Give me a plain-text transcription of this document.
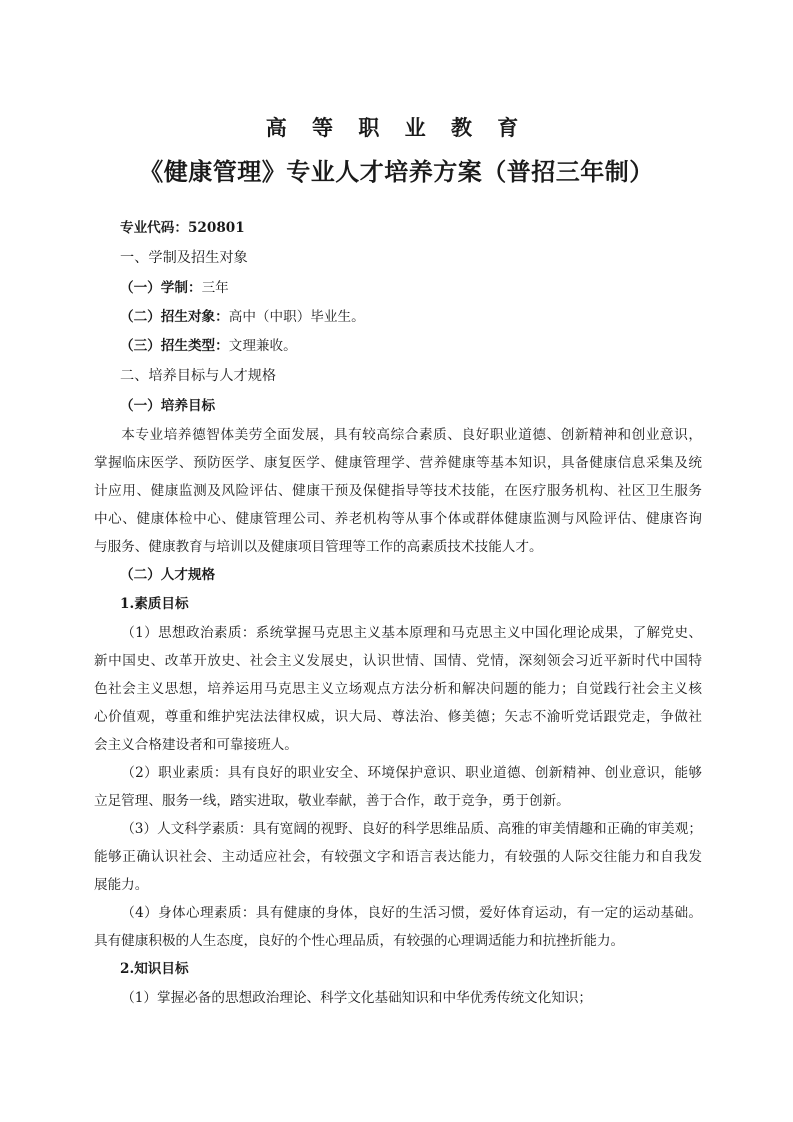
高 等 职 业 教 育
《健康管理》专业人才培养方案（普招三年制）
专业代码：520801
一、学制及招生对象
（一）学制：三年
（二）招生对象：高中（中职）毕业生。
（三）招生类型：文理兼收。
二、培养目标与人才规格
（一）培养目标
本专业培养德智体美劳全面发展，具有较高综合素质、良好职业道德、创新精神和创业意识，
掌握临床医学、预防医学、康复医学、健康管理学、营养健康等基本知识，具备健康信息采集及统
计应用、健康监测及风险评估、健康干预及保健指导等技术技能，在医疗服务机构、社区卫生服务
中心、健康体检中心、健康管理公司、养老机构等从事个体或群体健康监测与风险评估、健康咨询
与服务、健康教育与培训以及健康项目管理等工作的高素质技术技能人才。
（二）人才规格
1.素质目标
（1）思想政治素质：系统掌握马克思主义基本原理和马克思主义中国化理论成果，了解党史、
新中国史、改革开放史、社会主义发展史，认识世情、国情、党情，深刻领会习近平新时代中国特
色社会主义思想，培养运用马克思主义立场观点方法分析和解决问题的能力；自觉践行社会主义核
心价值观，尊重和维护宪法法律权威，识大局、尊法治、修美德；矢志不渝听党话跟党走，争做社
会主义合格建设者和可靠接班人。
（2）职业素质：具有良好的职业安全、环境保护意识、职业道德、创新精神、创业意识，能够
立足管理、服务一线，踏实进取，敬业奉献，善于合作，敢于竞争，勇于创新。
（3）人文科学素质：具有宽阔的视野、良好的科学思维品质、高雅的审美情趣和正确的审美观；
能够正确认识社会、主动适应社会，有较强文字和语言表达能力，有较强的人际交往能力和自我发
展能力。
（4）身体心理素质：具有健康的身体，良好的生活习惯，爱好体育运动，有一定的运动基础。
具有健康积极的人生态度，良好的个性心理品质，有较强的心理调适能力和抗挫折能力。
2.知识目标
（1）掌握必备的思想政治理论、科学文化基础知识和中华优秀传统文化知识；
